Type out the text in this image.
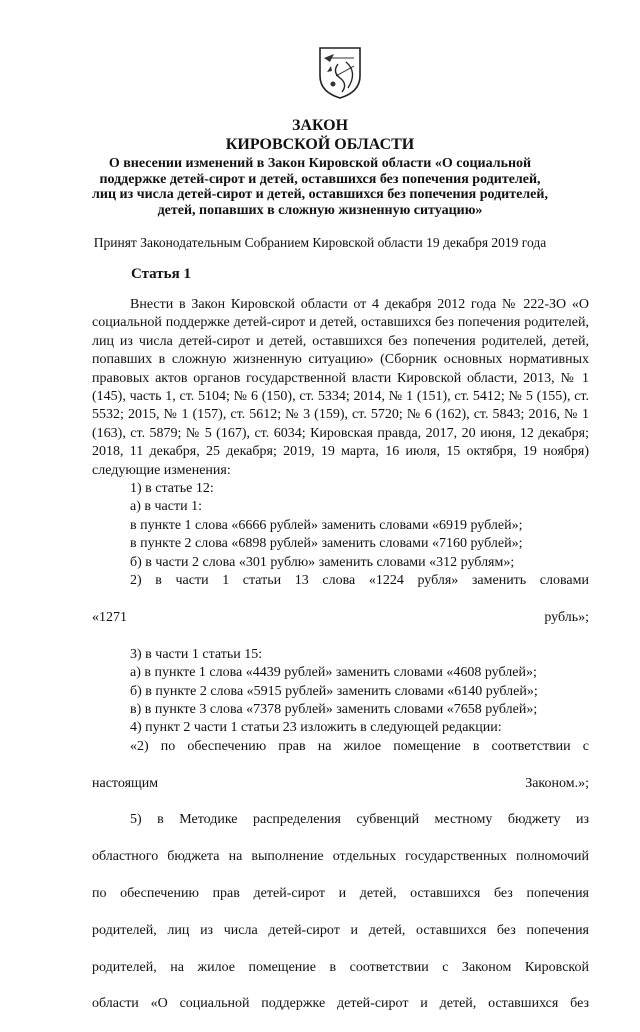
ЗАКОН
КИРОВСКОЙ ОБЛАСТИ
О внесении изменений в Закон Кировской области «О социальной
поддержке детей-сирот и детей, оставшихся без попечения родителей,
лиц из числа детей-сирот и детей, оставшихся без попечения родителей,
детей, попавших в сложную жизненную ситуацию»
Принят Законодательным Собранием Кировской области 19 декабря 2019 года
Статья 1

Внести в Закон Кировской области от 4 декабря 2012 года № 222-ЗО «О социальной поддержке детей-сирот и детей, оставшихся без попечения родителей, лиц из числа детей-сирот и детей, оставшихся без попечения родителей, детей, попавших в сложную жизненную ситуацию» (Сборник основных нормативных правовых актов органов государственной власти Кировской области, 2013, № 1 (145), часть 1, ст. 5104; № 6 (150), ст. 5334; 2014, № 1 (151), ст. 5412; № 5 (155), ст. 5532; 2015, № 1 (157), ст. 5612; № 3 (159), ст. 5720; № 6 (162), ст. 5843; 2016, № 1 (163), ст. 5879; № 5 (167), ст. 6034; Кировская правда, 2017, 20 июня, 12 декабря; 2018, 11 декабря, 25 декабря; 2019, 19 марта, 16 июля, 15 октября, 19 ноября) следующие изменения:

1) в статье 12:

а) в части 1:

в пункте 1 слова «6666 рублей» заменить словами «6919 рублей»;

в пункте 2 слова «6898 рублей» заменить словами «7160 рублей»;

б) в части 2 слова «301 рублю» заменить словами «312 рублям»;

2) в части 1 статьи 13 слова «1224 рубля» заменить словами

«1271 рубль»;

3) в части 1 статьи 15:

а) в пункте 1 слова «4439 рублей» заменить словами «4608 рублей»;

б) в пункте 2 слова «5915 рублей» заменить словами «6140 рублей»;

в) в пункте 3 слова «7378 рублей» заменить словами «7658 рублей»;

4) пункт 2 части 1 статьи 23 изложить в следующей редакции:

«2) по обеспечению прав на жилое помещение в соответствии с

настоящим Законом.»;

5) в Методике распределения субвенций местному бюджету из

областного бюджета на выполнение отдельных государственных полномочий

по обеспечению прав детей-сирот и детей, оставшихся без попечения

родителей, лиц из числа детей-сирот и детей, оставшихся без попечения

родителей, на жилое помещение в соответствии с Законом Кировской

области «О социальной поддержке детей-сирот и детей, оставшихся без
